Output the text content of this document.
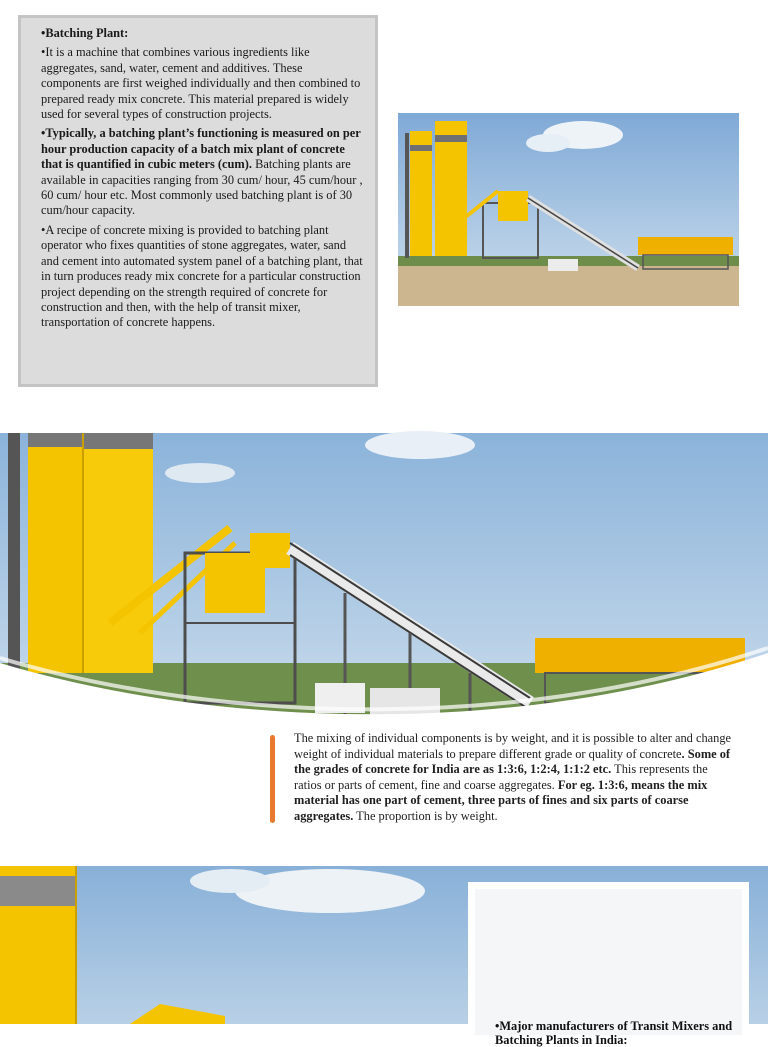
•Batching Plant:

•It is a machine that combines various ingredients like aggregates, sand, water, cement and additives. These components are first weighed individually and then combined to prepared ready mix concrete. This material prepared is widely used for several types of construction projects.

•Typically, a batching plant’s functioning is measured on per hour production capacity of a batch mix plant of concrete that is quantified in cubic meters (cum). Batching plants are available in capacities ranging from 30 cum/ hour, 45 cum/hour , 60 cum/ hour etc. Most commonly used batching plant is of 30 cum/hour capacity.

•A recipe of concrete mixing is provided to batching plant operator who fixes quantities of stone aggregates, water, sand and cement into automated system panel of a batching plant, that in turn produces ready mix concrete for a particular construction project depending on the strength required of concrete for construction and then, with the help of transit mixer, transportation of concrete happens.

The mixing of individual components is by weight, and it is possible to alter and change weight of individual materials to prepare different grade or quality of concrete. Some of the grades of concrete for India are as 1:3:6, 1:2:4, 1:1:2 etc. This represents the ratios or parts of cement, fine and coarse aggregates. For eg. 1:3:6, means the mix material has one part of cement, three parts of fines and six parts of coarse aggregates. The proportion is by weight.
•Major manufacturers of Transit Mixers and Batching Plants in India:
